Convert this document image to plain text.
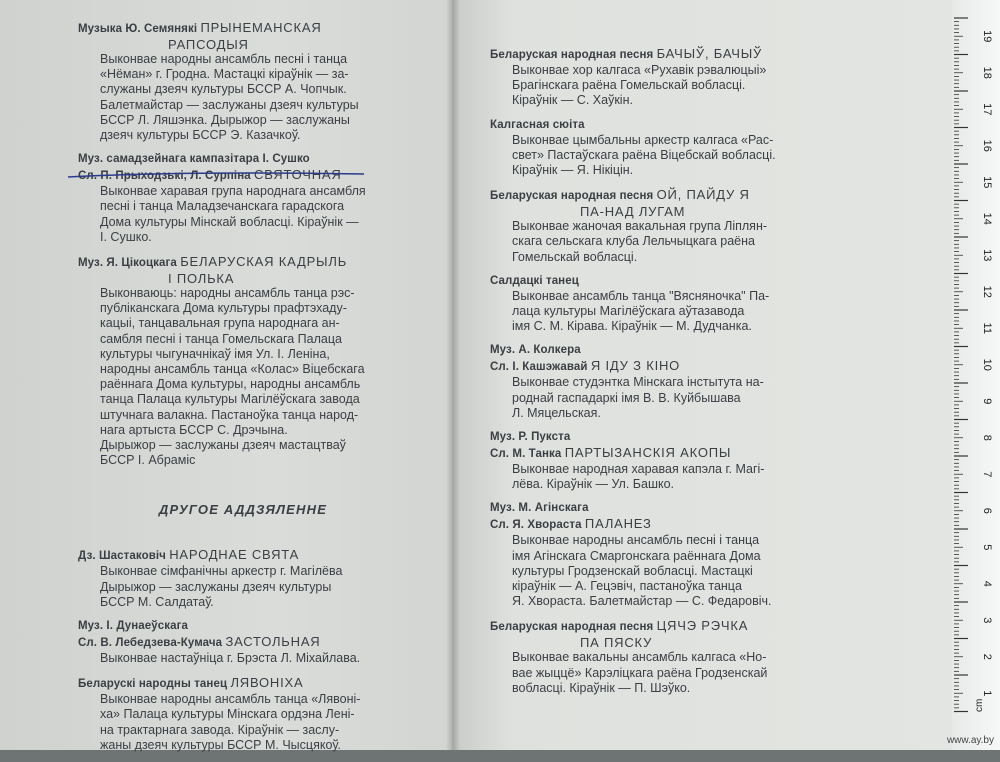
Музыка Ю. Семянякі ПРЫНЕМАНСКАЯ
РАПСОДЫЯ
Выконвае народны ансамбль песні і танца
«Нёман» г. Гродна. Мастацкі кіраўнік — за-
служаны дзеяч культуры БССР А. Чопчык.
Балетмайстар — заслужаны дзеяч культуры
БССР Л. Ляшэнка. Дырыжор — заслужаны
дзеяч культуры БССР Э. Казачкоў.
Муз. самадзейнага кампазітара І. Сушко
Сл. П. Прыходзькі, Л. Сурпіна СВЯТОЧНАЯ
Выконвае харавая група народнага ансамбля
песні і танца Маладзечанскага гарадскога
Дома культуры Мінскай вобласці. Кіраўнік —
І. Сушко.
Муз. Я. Цікоцкага БЕЛАРУСКАЯ КАДРЫЛЬ
І ПОЛЬКА
Выконваюць: народны ансамбль танца рэс-
публіканскага Дома культуры прафтэхаду-
кацыі, танцавальная група народнага ан-
самбля песні і танца Гомельскага Палаца
культуры чыгуначнікаў імя Ул. І. Леніна,
народны ансамбль танца «Колас» Віцебскага
раённага Дома культуры, народны ансамбль
танца Палаца культуры Магілёўскага завода
штучнага валакна. Пастаноўка танца народ-
нага артыста БССР С. Дрэчына.
Дырыжор — заслужаны дзеяч мастацтваў
БССР І. Абраміс
ДРУГОЕ АДДЗЯЛЕННЕ
Дз. Шастаковіч НАРОДНАЕ СВЯТА
Выконвае сімфанічны аркестр г. Магілёва
Дырыжор — заслужаны дзеяч культуры
БССР М. Салдатаў.
Муз. І. Дунаеўскага
Сл. В. Лебедзева-Кумача ЗАСТОЛЬНАЯ
Выконвае настаўніца г. Брэста Л. Міхайлава.
Беларускі народны танец ЛЯВОНІХА
Выконвае народны ансамбль танца «Лявоні-
ха» Палаца культуры Мінскага ордэна Лені-
на трактарнага завода. Кіраўнік — заслу-
жаны дзеяч культуры БССР М. Чысцякоў.
Беларуская народная песня БАЧЫЎ, БАЧЫЎ
Выконвае хор калгаса «Рухавік рэвалюцыі»
Брагінскага раёна Гомельскай вобласці.
Кіраўнік — С. Хаўкін.
Калгасная сюіта
Выконвае цымбальны аркестр калгаса «Рас-
свет» Пастаўскага раёна Віцебскай вобласці.
Кіраўнік — Я. Нікіцін.
Беларуская народная песня ОЙ, ПАЙДУ Я
ПА-НАД ЛУГАМ
Выконвае жаночая вакальная група Ліплян-
скага сельскага клуба Лельчыцкага раёна
Гомельскай вобласці.
Салдацкі танец
Выконвае ансамбль танца "Вясняночка" Па-
лаца культуры Магілёўскага аўтазавода
імя С. М. Кірава. Кіраўнік — М. Дудчанка.
Муз. А. Колкера
Сл. І. Кашэжавай Я ІДУ З КІНО
Выконвае студэнтка Мінскага інстытута на-
роднай гаспадаркі імя В. В. Куйбышава
Л. Мяцельская.
Муз. Р. Пукста
Сл. М. Танка ПАРТЫЗАНСКІЯ АКОПЫ
Выконвае народная харавая капэла г. Магі-
лёва. Кіраўнік — Ул. Башко.
Муз. М. Агінскага
Сл. Я. Хвораста ПАЛАНЕЗ
Выконвае народны ансамбль песні і танца
імя Агінскага Смаргонскага раённага Дома
культуры Гродзенскай вобласці. Мастацкі
кіраўнік — А. Гецэвіч, пастаноўка танца
Я. Хвораста. Балетмайстар — С. Федаровіч.
Беларуская народная песня ЦЯЧЭ РЭЧКА
ПА ПЯСКУ
Выконвае вакальны ансамбль калгаса «Но-
вае жыццё» Карэліцкага раёна Гродзенскай
вобласці. Кіраўнік — П. Шэўко.
19
18
17
16
15
14
13
12
11
10
9
8
7
6
5
4
3
2
1
cm
www.ay.by
